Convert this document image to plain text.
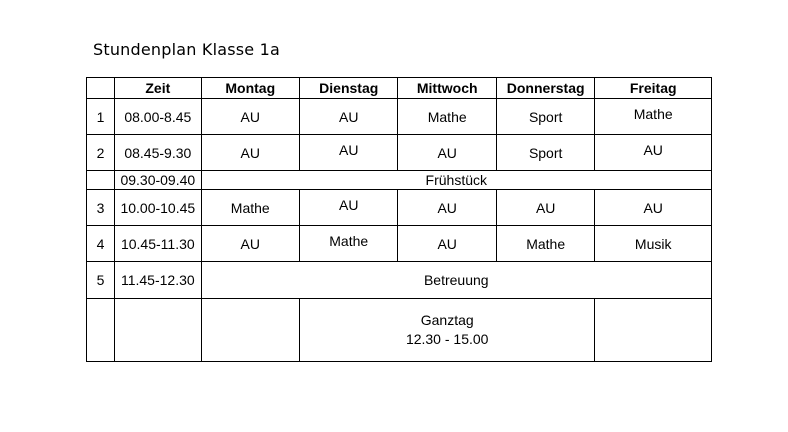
Stundenplan Klasse 1a
	Zeit	Montag	Dienstag	Mittwoch	Donnerstag	Freitag
1	08.00-8.45	AU	AU	Mathe	Sport	Mathe
2	08.45-9.30	AU	AU	AU	Sport	AU
	09.30-09.40	Frühstück				
3	10.00-10.45	Mathe	AU	AU	AU	AU
4	10.45-11.30	AU	Mathe	AU	Mathe	Musik
5	11.45-12.30	Betreuung				

			Ganztag
12.30 - 15.00			
